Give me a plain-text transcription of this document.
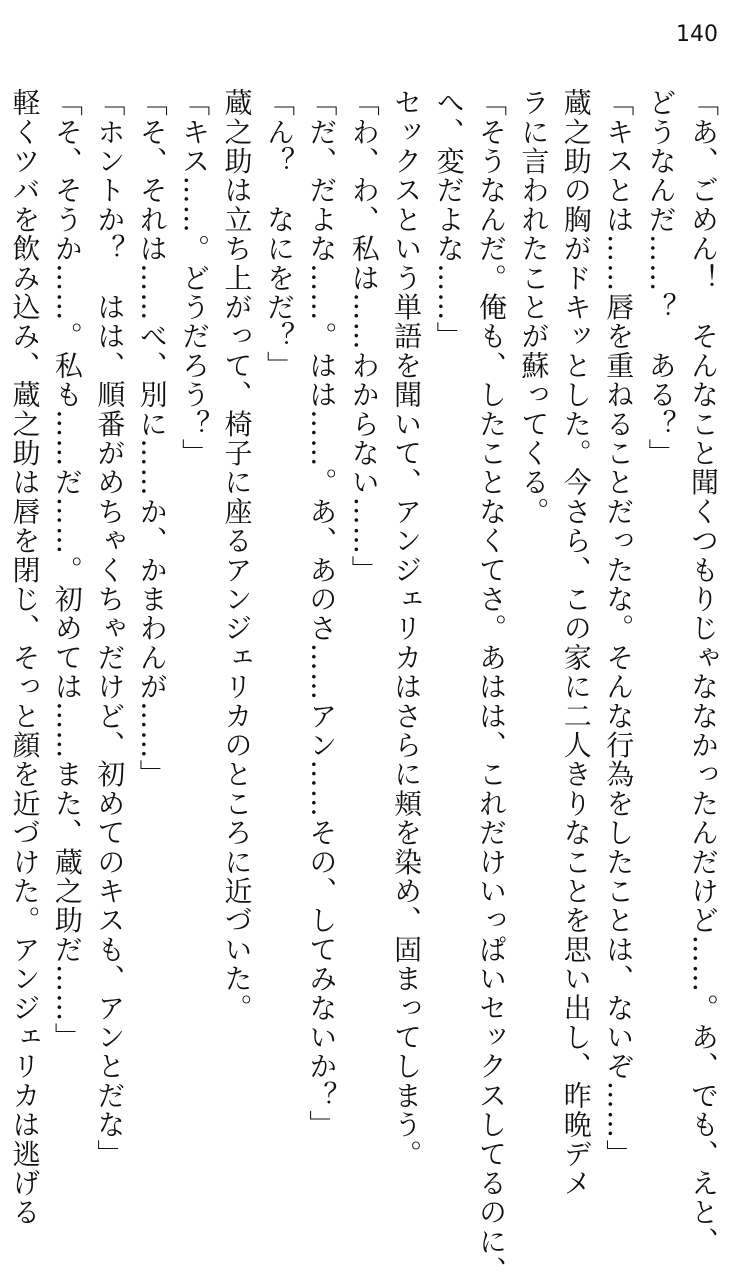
140
「あ、ごめん！　そんなこと聞くつもりじゃななかったんだけど……。あ、でも、えと、
どうなんだ……？　ある？」
「キスとは……唇を重ねることだったな。そんな行為をしたことは、ないぞ……」
蔵之助の胸がドキッとした。今さら、この家に二人きりなことを思い出し、昨晩デメ
ラに言われたことが蘇ってくる。
「そうなんだ。俺も、したことなくてさ。あはは、これだけいっぱいセックスしてるのに、
へ、変だよな……」
セックスという単語を聞いて、アンジェリカはさらに頬を染め、固まってしまう。
「わ、わ、私は……わからない……」
「だ、だよな……。はは……。あ、あのさ……アン……その、してみないか？」
「ん？　なにをだ？」
蔵之助は立ち上がって、椅子に座るアンジェリカのところに近づいた。
「キス……。どうだろう？」
「そ、それは……べ、別に……か、かまわんが……」
「ホントか？　はは、順番がめちゃくちゃだけど、初めてのキスも、アンとだな」
「そ、そうか……。私も……だ……。初めては……また、蔵之助だ……」
軽くツバを飲み込み、蔵之助は唇を閉じ、そっと顔を近づけた。アンジェリカは逃げる
